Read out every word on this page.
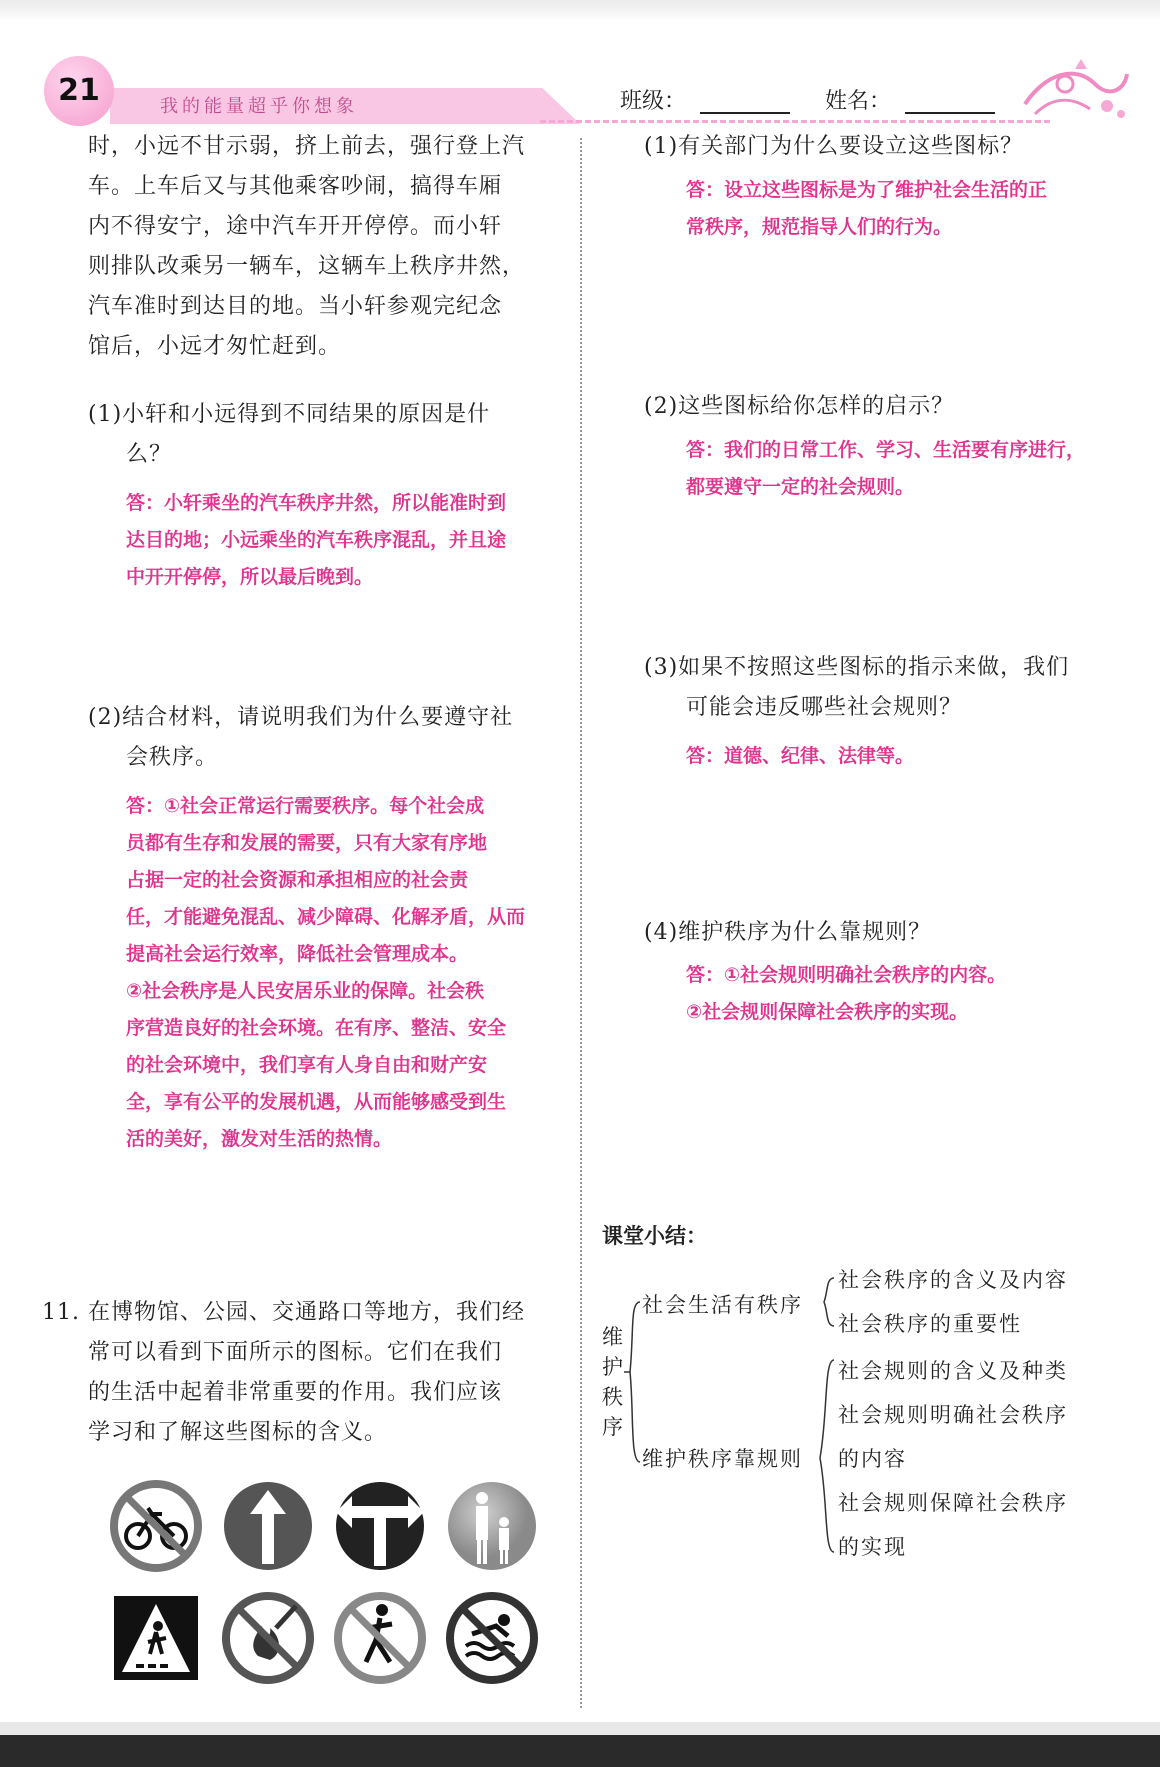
21	我的能量超乎你想象	班级：	姓名：
时，小远不甘示弱，挤上前去，强行登上汽
车。上车后又与其他乘客吵闹，搞得车厢
内不得安宁，途中汽车开开停停。而小轩
则排队改乘另一辆车，这辆车上秩序井然，
汽车准时到达目的地。当小轩参观完纪念
馆后，小远才匆忙赶到。
(1)小轩和小远得到不同结果的原因是什
么？
答：小轩乘坐的汽车秩序井然，所以能准时到
达目的地；小远乘坐的汽车秩序混乱，并且途
中开开停停，所以最后晚到。
(2)结合材料，请说明我们为什么要遵守社
会秩序。
答：①社会正常运行需要秩序。每个社会成
员都有生存和发展的需要，只有大家有序地
占据一定的社会资源和承担相应的社会责
任，才能避免混乱、减少障碍、化解矛盾，从而
提高社会运行效率，降低社会管理成本。
②社会秩序是人民安居乐业的保障。社会秩
序营造良好的社会环境。在有序、整洁、安全
的社会环境中，我们享有人身自由和财产安
全，享有公平的发展机遇，从而能够感受到生
活的美好，激发对生活的热情。
11. 在博物馆、公园、交通路口等地方，我们经
常可以看到下面所示的图标。它们在我们
的生活中起着非常重要的作用。我们应该
学习和了解这些图标的含义。
(1)有关部门为什么要设立这些图标？
答：设立这些图标是为了维护社会生活的正
常秩序，规范指导人们的行为。
(2)这些图标给你怎样的启示？
答：我们的日常工作、学习、生活要有序进行，
都要遵守一定的社会规则。
(3)如果不按照这些图标的指示来做，我们
可能会违反哪些社会规则？
答：道德、纪律、法律等。
(4)维护秩序为什么靠规则？
答：①社会规则明确社会秩序的内容。
②社会规则保障社会秩序的实现。
课堂小结：
维
护
秩
序
社会生活有秩序
维护秩序靠规则
社会秩序的含义及内容
社会秩序的重要性
社会规则的含义及种类
社会规则明确社会秩序
的内容
社会规则保障社会秩序
的实现
